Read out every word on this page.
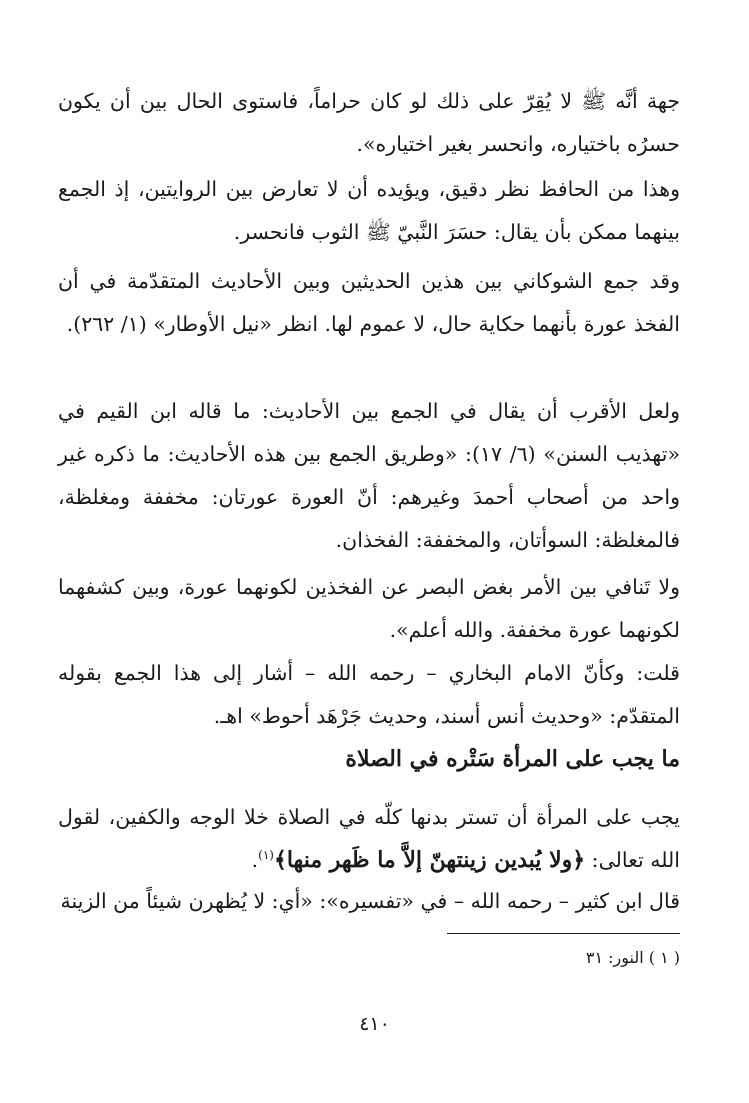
جهة أنَّه ﷺ لا يُقِرّ على ذلك لو كان حراماً، فاستوى الحال بين أن يكون حسرُه باختياره، وانحسر بغير اختياره».

وهذا من الحافظ نظر دقيق، ويؤيده أن لا تعارض بين الروايتين، إذ الجمع بينهما ممكن بأن يقال: حسَرَ النَّبيّ ﷺ الثوب فانحسر.

وقد جمع الشوكاني بين هذين الحديثين وبين الأحاديث المتقدّمة في أن الفخذ عورة بأنهما حكاية حال، لا عموم لها. انظر «نيل الأوطار» (١/ ٢٦٢).

ولعل الأقرب أن يقال في الجمع بين الأحاديث: ما قاله ابن القيم في «تهذيب السنن» (٦/ ١٧): «وطريق الجمع بين هذه الأحاديث: ما ذكره غير واحد من أصحاب أحمدَ وغيرهم: أنّ العورة عورتان: مخففة ومغلظة، فالمغلظة: السوأتان، والمخففة: الفخذان.

ولا تَنافي بين الأمر بغض البصر عن الفخذين لكونهما عورة، وبين كشفهما لكونهما عورة مخففة. والله أعلم».

قلت: وكأنّ الامام البخاري – رحمه الله – أشار إلى هذا الجمع بقوله المتقدّم: «وحديث أنس أسند، وحديث جَرْهَد أحوط» اهـ.

ما يجب على المرأة سَتْره في الصلاة

يجب على المرأة أن تستر بدنها كلّه في الصلاة خلا الوجه والكفين، لقول الله تعالى: ﴿ولا يُبدين زينتهنّ إلاَّ ما ظَهر منها﴾$^{(١)}$.

قال ابن كثير – رحمه الله – في «تفسيره»: «أي: لا يُظهرن شيئاً من الزينة

( ١ ) النور: ٣١
٤١٠
